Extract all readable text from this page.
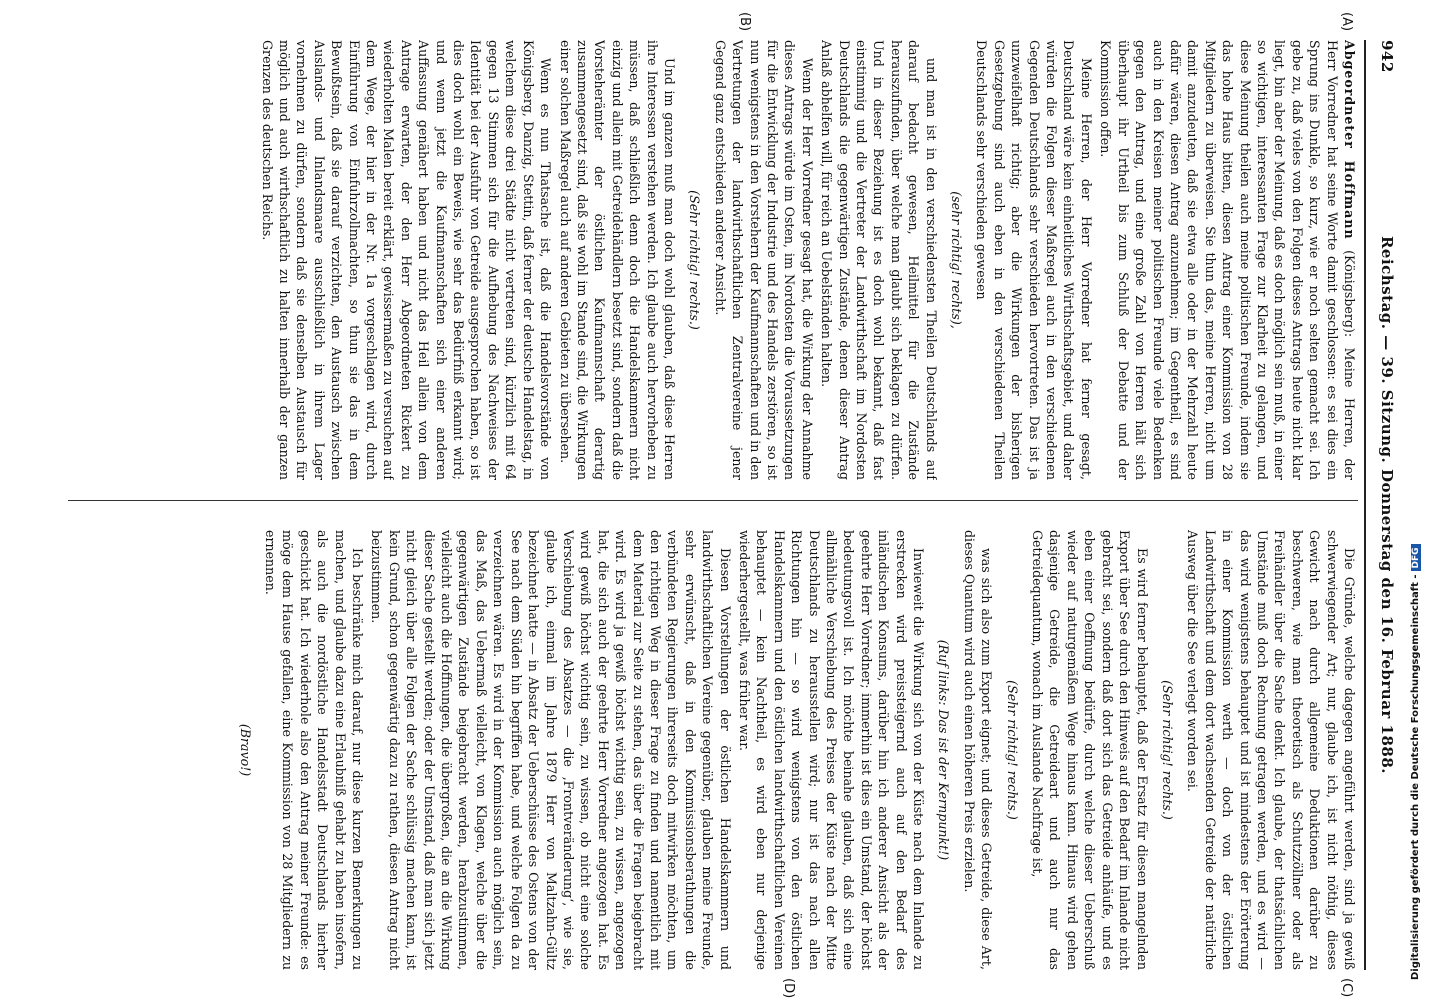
942
Reichstag. — 39. Sitzung. Donnerstag den 16. Februar 1888.
(A)
(B)
(C)
(D)

Abgeordneter Hoffmann (Königsberg): Meine Herren, der Herr Vorredner hat seine Worte damit geschlossen: es sei dies ein Sprung ins Dunkle, so kurz, wie er noch selten gemacht sei. Ich gebe zu, daß vieles von den Folgen dieses Antrags heute nicht klar liegt, bin aber der Meinung, daß es doch möglich sein muß, in einer so wichtigen, interessanten Frage zur Klarheit zu gelangen, und diese Meinung theilen auch meine politischen Freunde, indem sie das hohe Haus bitten, diesen Antrag einer Kommission von 28 Mitgliedern zu überweisen. Sie thun das, meine Herren, nicht um damit anzudeuten, daß sie etwa alle oder in der Mehrzahl heute dafür wären, diesen Antrag anzunehmen; im Gegentheil, es sind auch in den Kreisen meiner politischen Freunde viele Bedenken gegen den Antrag, und eine große Zahl von Herren hält sich überhaupt ihr Urtheil bis zum Schluß der Debatte und der Kommission offen.

Meine Herren, der Herr Vorredner hat ferner gesagt, Deutschland wäre kein einheitliches Wirthschaftsgebiet, und daher würden die Folgen dieser Maßregel auch in den verschiedenen Gegenden Deutschlands sehr verschieden hervortreten. Das ist ja unzweifelhaft richtig; aber die Wirkungen der bisherigen Gesetzgebung sind auch eben in den verschiedenen Theilen Deutschlands sehr verschieden gewesen

(sehr richtig! rechts),

und man ist in den verschiedensten Theilen Deutschlands auf darauf bedacht gewesen, Heilmittel für die Zustände herauszufinden, über welche man glaubt sich beklagen zu dürfen. Und in dieser Beziehung ist es doch wohl bekannt, daß fast einstimmig und die Vertreter der Landwirthschaft im Nordosten Deutschlands die gegenwärtigen Zustände, denen dieser Antrag Anlaß abhelfen will, für reich an Uebelständen halten.

Wenn der Herr Vorredner gesagt hat, die Wirkung der Annahme dieses Antrags würde im Osten, im Nordosten die Voraussetzungen für die Entwicklung der Industrie und des Handels zerstören, so ist nun wenigstens in den Vorstehern der Kaufmannschaften und in den Vertretungen der landwirthschaftlichen Zentralvereine jener Gegend ganz entschieden anderer Ansicht.

(Sehr richtig! rechts.)

Und im ganzen muß man doch wohl glauben, daß diese Herren ihre Interessen verstehen werden. Ich glaube auch hervorheben zu müssen, daß schließlich denn doch die Handelskammern nicht einzig und allein mit Getreidehändlern besetzt sind, sondern daß die Vorsteherämter der östlichen Kaufmannschaft derartig zusammengesetzt sind, daß sie wohl im Stande sind, die Wirkungen einer solchen Maßregel auch auf anderen Gebieten zu übersehen.

Wenn es nun Thatsache ist, daß die Handelsvorstände von Königsberg, Danzig, Stettin, daß ferner der deutsche Handelstag, in welchem diese drei Städte nicht vertreten sind, kürzlich mit 64 gegen 13 Stimmen sich für die Aufhebung des Nachweises der Identität bei der Ausfuhr von Getreide ausgesprochen haben, so ist dies doch wohl ein Beweis, wie sehr das Bedürfniß erkannt wird; und wenn jetzt die Kaufmannschaften sich einer anderen Auffassung genähert haben und nicht das Heil allein von dem Antrage erwarten, der den Herr Abgeordneten Rickert zu wiederholten Malen bereit erklärt, gewissermaßen zu versuchen auf dem Wege, der hier in der Nr. 1a vorgeschlagen wird, durch Einführung von Einfuhrzollmachten, so thun sie das in dem Bewußtsein, daß sie darauf verzichten, den Austausch zwischen Auslands- und Inlandsmaare ausschließlich in ihrem Lager vornehmen zu dürfen, sondern daß sie denselben Austausch für möglich und auch wirthschaftlich zu halten innerhalb der ganzen Grenzen des deutschen Reichs.

Die Gründe, welche dagegen angeführt werden, sind ja gewiß schwerwiegender Art; nur, glaube ich, ist nicht nöthig, dieses Gewicht nach durch allgemeine Deduktionen darüber zu beschweren, wie man theoretisch als Schutzzöllner oder als Freihändler über die Sache denkt. Ich glaube, der thatsächlichen Umstände muß doch Rechnung getragen werden, und es wird — das wird wenigstens behauptet und ist mindestens der Erörterung in einer Kommission werth — doch von der östlichen Landwirthschaft und dem dort wachsenden Getreide der natürliche Ausweg über die See verlegt worden sei.

(Sehr richtig! rechts.)

Es wird ferner behauptet, daß der Ersatz für diesen mangelnden Export über See durch den Hinweis auf den Bedarf im Inlande nicht gebracht sei, sondern daß dort sich das Getreide anhäufe, und es eben einer Oeffnung bedürfe, durch welche dieser Ueberschuß wieder auf naturgemäßem Wege hinaus kann. Hinaus wird gehen dasjenige Getreide, die Getreideart und auch nur das Getreidequantum, wonach im Auslande Nachfrage ist,

(Sehr richtig! rechts.)

was sich also zum Export eignet; und dieses Getreide, diese Art, dieses Quantum wird auch einen höheren Preis erzielen.

(Ruf links: Das ist der Kernpunkt!)

Inwieweit die Wirkung sich von der Küste nach dem Inlande zu erstrecken wird preissteigernd auch auf den Bedarf des inländischen Konsums, darüber hin ich anderer Ansicht als der geehrte Herr Vorredner; immerhin ist dies ein Umstand, der höchst bedeutungsvoll ist. Ich möchte beinahe glauben, daß sich eine allmähliche Verschiebung des Preises der Küste nach der Mitte Deutschlands zu herausstellen wird; nur ist das nach allen Richtungen hin — so wird wenigstens von den östlichen Handelskammern und den östlichen landwirthschaftlichen Vereinen behauptet — kein Nachtheil, es wird eben nur derjenige wiederhergestellt, was früher war.

Diesen Vorstellungen der östlichen Handelskammern und landwirthschaftlichen Vereine gegenüber, glauben meine Freunde, sehr erwünscht, daß in den Kommissionsberathungen die verbündeten Regierungen ihrerseits doch mitwirken möchten, um den richtigen Weg in dieser Frage zu finden und namentlich mit dem Material zur Seite zu stehen, das über die Fragen beigebracht wird. Es wird ja gewiß höchst wichtig sein, zu wissen, angezogen hat, die sich auch der geehrte Herr Vorredner angezogen hat. Es wird gewiß höchst wichtig sein, zu wissen, ob nicht eine solche Verschiebung des Absatzes — die ‚Frontveränderung‘, wie sie, glaube ich, einmal im Jahre 1879 Herr von Maltzahn-Gültz bezeichnet hatte — in Absatz der Ueberschüsse des Ostens von der See nach dem Süden hin begriffen habe, und welche Folgen da zu verzeichnen wären. Es wird in der Kommission auch möglich sein, das Maß, das Uebermaß vielleicht, von Klagen, welche über die gegenwärtigen Zustände beigebracht werden, herabzustimmen, vielleicht auch die Hoffnungen, die übergroßen, die an die Wirkung dieser Sache gestellt werden; oder der Umstand, daß man sich jetzt nicht gleich über alle Folgen der Sache schlüssig machen kann, ist kein Grund, schon gegenwärtig dazu zu rathen, diesen Antrag nicht beizustimmen.

Ich beschränke mich darauf, nur diese kurzen Bemerkungen zu machen, und glaube dazu eine Erlaubniß gehabt zu haben insofern, als auch die nordöstliche Handelsstadt Deutschlands hierher geschickt hat. Ich wiederhole also den Antrag meiner Freunde: es möge dem Hause gefallen, eine Kommission von 28 Mitgliedern zu ernennen.

(Bravo!)	Digitalisierung gefördert durch die Deutsche Forschungsgemeinschaft -DFG
